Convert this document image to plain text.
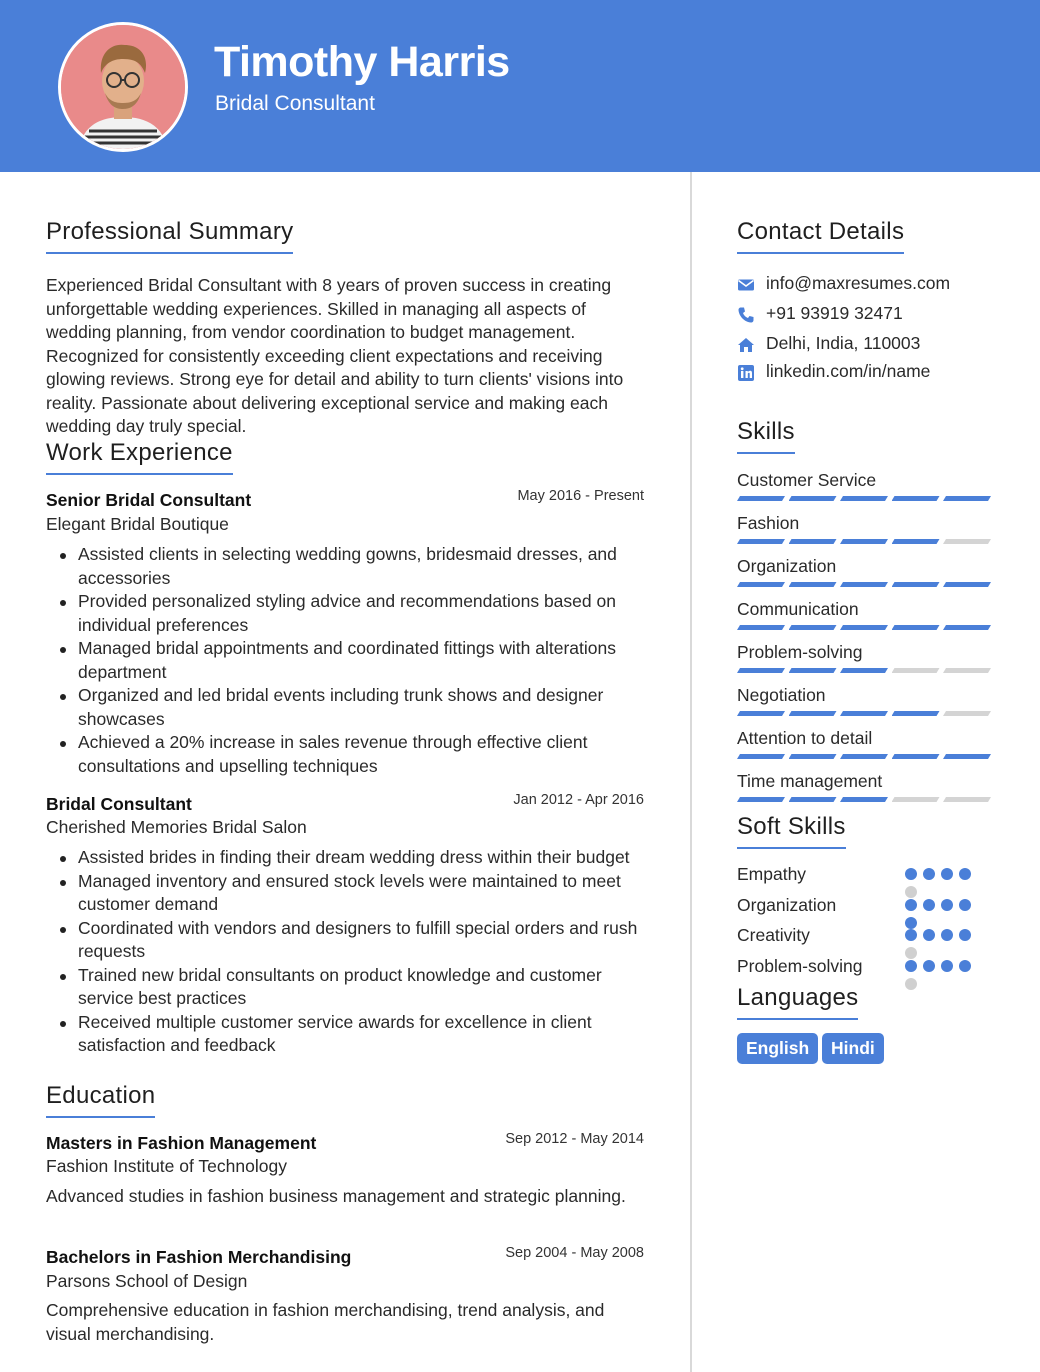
Timothy Harris
Bridal Consultant
Professional Summary
Experienced Bridal Consultant with 8 years of proven success in creating unforgettable wedding experiences. Skilled in managing all aspects of wedding planning, from vendor coordination to budget management. Recognized for consistently exceeding client expectations and receiving glowing reviews. Strong eye for detail and ability to turn clients' visions into reality. Passionate about delivering exceptional service and making each wedding day truly special.
Work Experience
Senior Bridal Consultant	May 2016 - Present
Elegant Bridal Boutique
Assisted clients in selecting wedding gowns, bridesmaid dresses, and accessories
Provided personalized styling advice and recommendations based on individual preferences
Managed bridal appointments and coordinated fittings with alterations department
Organized and led bridal events including trunk shows and designer showcases
Achieved a 20% increase in sales revenue through effective client consultations and upselling techniques
Bridal Consultant	Jan 2012 - Apr 2016
Cherished Memories Bridal Salon
Assisted brides in finding their dream wedding dress within their budget
Managed inventory and ensured stock levels were maintained to meet customer demand
Coordinated with vendors and designers to fulfill special orders and rush requests
Trained new bridal consultants on product knowledge and customer service best practices
Received multiple customer service awards for excellence in client satisfaction and feedback
Education
Masters in Fashion Management	Sep 2012 - May 2014
Fashion Institute of Technology
Advanced studies in fashion business management and strategic planning.
Bachelors in Fashion Merchandising	Sep 2004 - May 2008
Parsons School of Design
Comprehensive education in fashion merchandising, trend analysis, and visual merchandising.
Contact Details
info@maxresumes.com
+91 93919 32471
Delhi, India, 110003
linkedin.com/in/name
Skills
Customer Service
Fashion
Organization
Communication
Problem-solving
Negotiation
Attention to detail
Time management
Soft Skills
Empathy
Organization
Creativity
Problem-solving
Languages
English	Hindi
